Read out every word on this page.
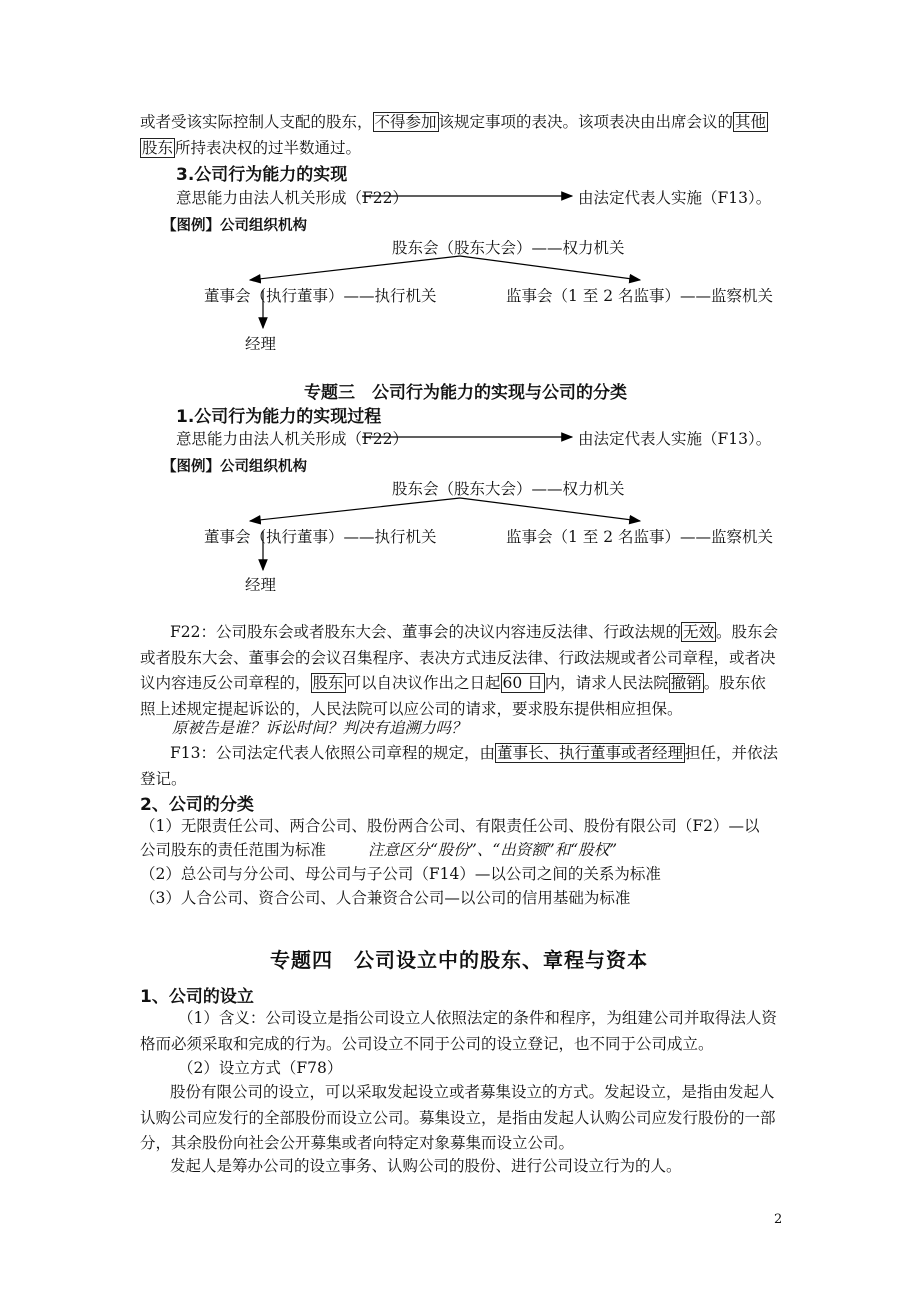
或者受该实际控制人支配的股东， 不得参加 该规定事项的表决。该项表决由出席会议的 其他
股东 所持表决权的过半数通过。
3.公司行为能力的实现
意思能力由法人机关形成（F22）	由法定代表人实施（F13）。
【图例】公司组织机构
股东会（股东大会）——权力机关
董事会（执行董事）——执行机关	监事会（1 至 2 名监事）——监察机关
经理
专题三　公司行为能力的实现与公司的分类
1.公司行为能力的实现过程
意思能力由法人机关形成（F22）	由法定代表人实施（F13）。
【图例】公司组织机构
股东会（股东大会）——权力机关
董事会（执行董事）——执行机关	监事会（1 至 2 名监事）——监察机关
经理
F22：公司股东会或者股东大会、董事会的决议内容违反法律、行政法规的 无效 。股东会或者股东大会、董事会的会议召集程序、表决方式违反法律、行政法规或者公司章程，或者决议内容违反公司章程的， 股东 可以自决议作出之日起 60 日 内，请求人民法院 撤销 。股东依照上述规定提起诉讼的，人民法院可以应公司的请求，要求股东提供相应担保。
原被告是谁？诉讼时间？判决有追溯力吗？
F13：公司法定代表人依照公司章程的规定，由 董事长、执行董事或者经理 担任，并依法登记。
2、公司的分类
（1）无限责任公司、两合公司、股份两合公司、有限责任公司、股份有限公司（F2）—以
公司股东的责任范围为标准	注意区分“股份”、“出资额”和“股权”
（2）总公司与分公司、母公司与子公司（F14）—以公司之间的关系为标准
（3）人合公司、资合公司、人合兼资合公司—以公司的信用基础为标准
专题四　公司设立中的股东、章程与资本
1、公司的设立
（1）含义：公司设立是指公司设立人依照法定的条件和程序，为组建公司并取得法人资格而必须采取和完成的行为。公司设立不同于公司的设立登记，也不同于公司成立。
（2）设立方式（F78）
股份有限公司的设立，可以采取发起设立或者募集设立的方式。发起设立，是指由发起人认购公司应发行的全部股份而设立公司。募集设立，是指由发起人认购公司应发行股份的一部分，其余股份向社会公开募集或者向特定对象募集而设立公司。
发起人是筹办公司的设立事务、认购公司的股份、进行公司设立行为的人。
2
